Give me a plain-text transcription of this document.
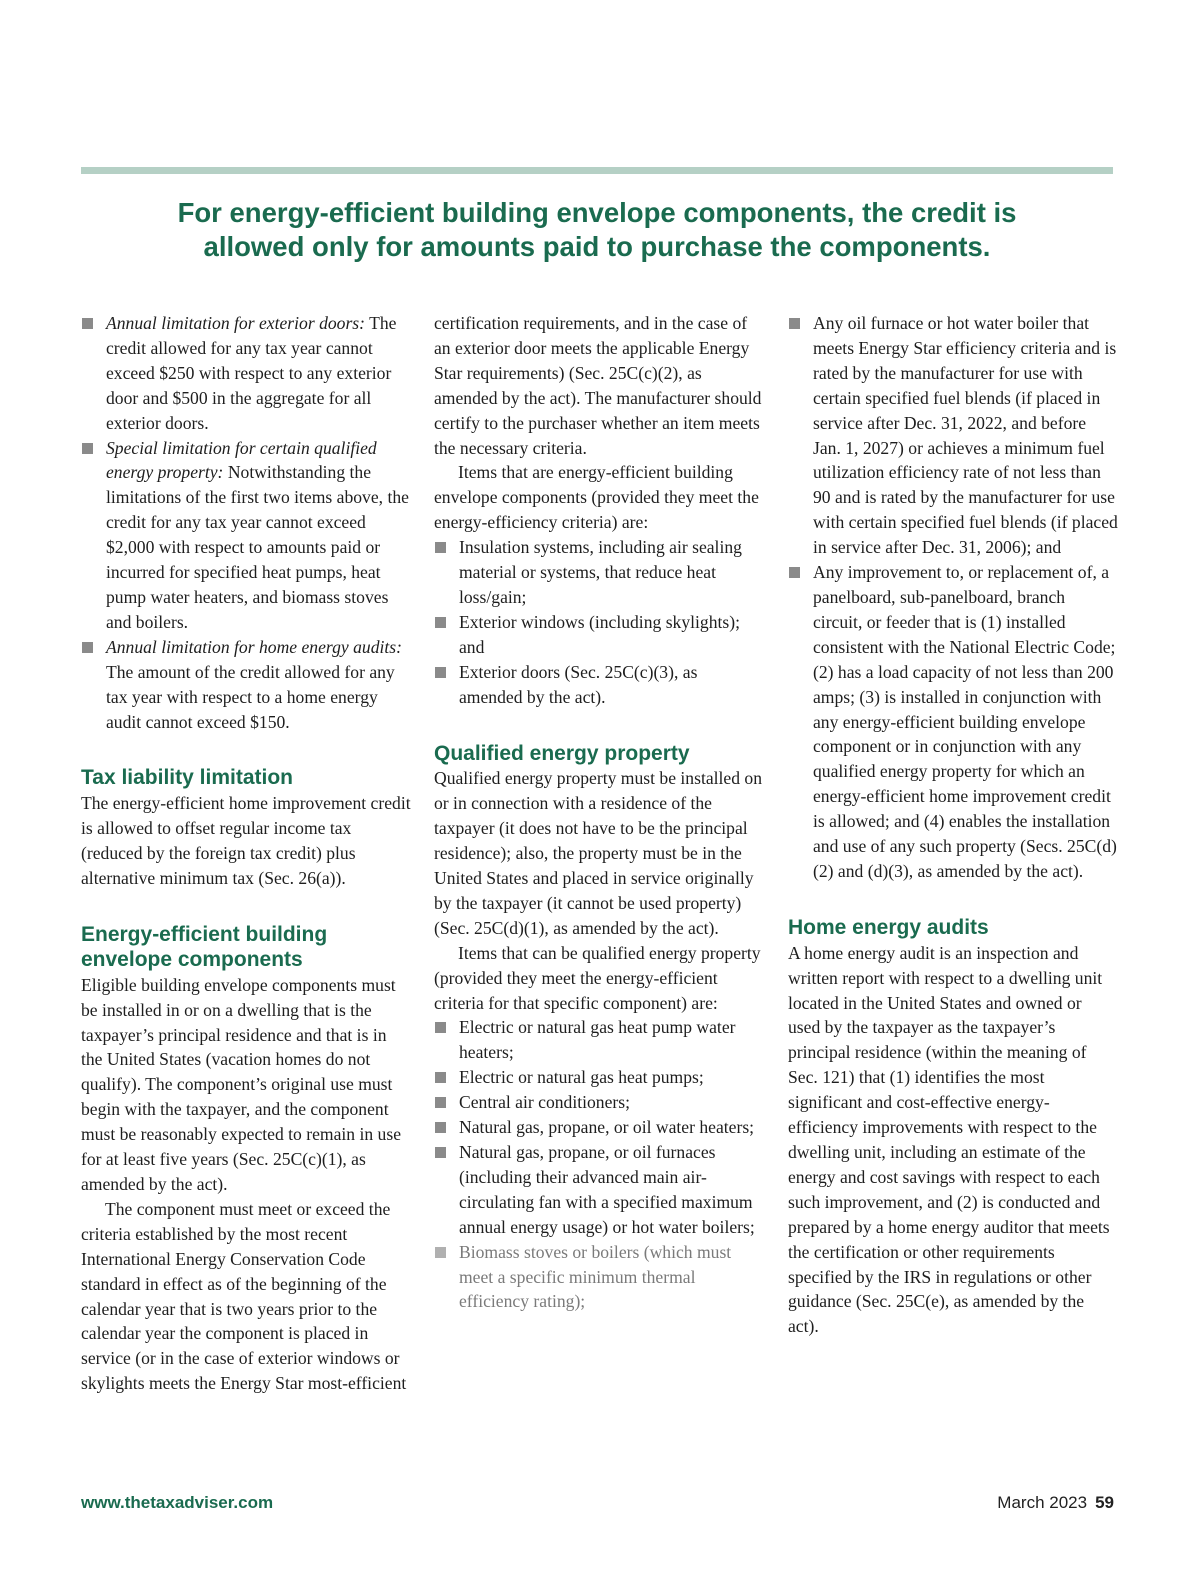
For energy-efficient building envelope components, the credit is
allowed only for amounts paid to purchase the components.

Annual limitation for exterior doors: The credit allowed for any tax year cannot exceed $250 with respect to any exterior door and $500 in the aggregate for all exterior doors.

Special limitation for certain qualified energy property: Notwithstanding the limitations of the first two items above, the credit for any tax year cannot exceed $2,000 with respect to amounts paid or incurred for specified heat pumps, heat pump water heaters, and biomass stoves and boilers.

Annual limitation for home energy audits: The amount of the credit allowed for any tax year with respect to a home energy audit cannot exceed $150.

Tax liability limitation

The energy-efficient home improvement credit is allowed to offset regular income tax (reduced by the foreign tax credit) plus alternative minimum tax (Sec. 26(a)).

Energy-efficient building envelope components

Eligible building envelope components must be installed in or on a dwelling that is the taxpayer’s principal residence and that is in the United States (vacation homes do not qualify). The component’s original use must begin with the taxpayer, and the component must be reasonably expected to remain in use for at least five years (Sec. 25C(c)(1), as amended by the act).

The component must meet or exceed the criteria established by the most recent International Energy Conservation Code standard in effect as of the beginning of the calendar year that is two years prior to the calendar year the component is placed in service (or in the case of exterior windows or skylights meets the Energy Star most-efficient

certification requirements, and in the case of an exterior door meets the applicable Energy Star requirements) (Sec. 25C(c)(2), as amended by the act). The manufacturer should certify to the purchaser whether an item meets the necessary criteria.

Items that are energy-efficient building envelope components (provided they meet the energy-efficiency criteria) are:

Insulation systems, including air sealing material or systems, that reduce heat loss/gain;

Exterior windows (including skylights); and

Exterior doors (Sec. 25C(c)(3), as amended by the act).

Qualified energy property

Qualified energy property must be installed on or in connection with a residence of the taxpayer (it does not have to be the principal residence); also, the property must be in the United States and placed in service originally by the taxpayer (it cannot be used property) (Sec. 25C(d)(1), as amended by the act).

Items that can be qualified energy property (provided they meet the energy-efficient criteria for that specific component) are:

Electric or natural gas heat pump water heaters;

Electric or natural gas heat pumps;

Central air conditioners;

Natural gas, propane, or oil water heaters;

Natural gas, propane, or oil furnaces (including their advanced main air-circulating fan with a specified maximum annual energy usage) or hot water boilers;

Biomass stoves or boilers (which must meet a specific minimum thermal efficiency rating);

Any oil furnace or hot water boiler that meets Energy Star efficiency criteria and is rated by the manufacturer for use with certain specified fuel blends (if placed in service after Dec. 31, 2022, and before Jan. 1, 2027) or achieves a minimum fuel utilization efficiency rate of not less than 90 and is rated by the manufacturer for use with certain specified fuel blends (if placed in service after Dec. 31, 2006); and

Any improvement to, or replacement of, a panelboard, sub-panelboard, branch circuit, or feeder that is (1) installed consistent with the National Electric Code; (2) has a load capacity of not less than 200 amps; (3) is installed in conjunction with any energy-efficient building envelope component or in conjunction with any qualified energy property for which an energy-efficient home improvement credit is allowed; and (4) enables the installation and use of any such property (Secs. 25C(d)(2) and (d)(3), as amended by the act).

Home energy audits

A home energy audit is an inspection and written report with respect to a dwelling unit located in the United States and owned or used by the taxpayer as the taxpayer’s principal residence (within the meaning of Sec. 121) that (1) identifies the most significant and cost-effective energy-efficiency improvements with respect to the dwelling unit, including an estimate of the energy and cost savings with respect to each such improvement, and (2) is conducted and prepared by a home energy auditor that meets the certification or other requirements specified by the IRS in regulations or other guidance (Sec. 25C(e), as amended by the act).

www.thetaxadviser.com	March 2023 59
